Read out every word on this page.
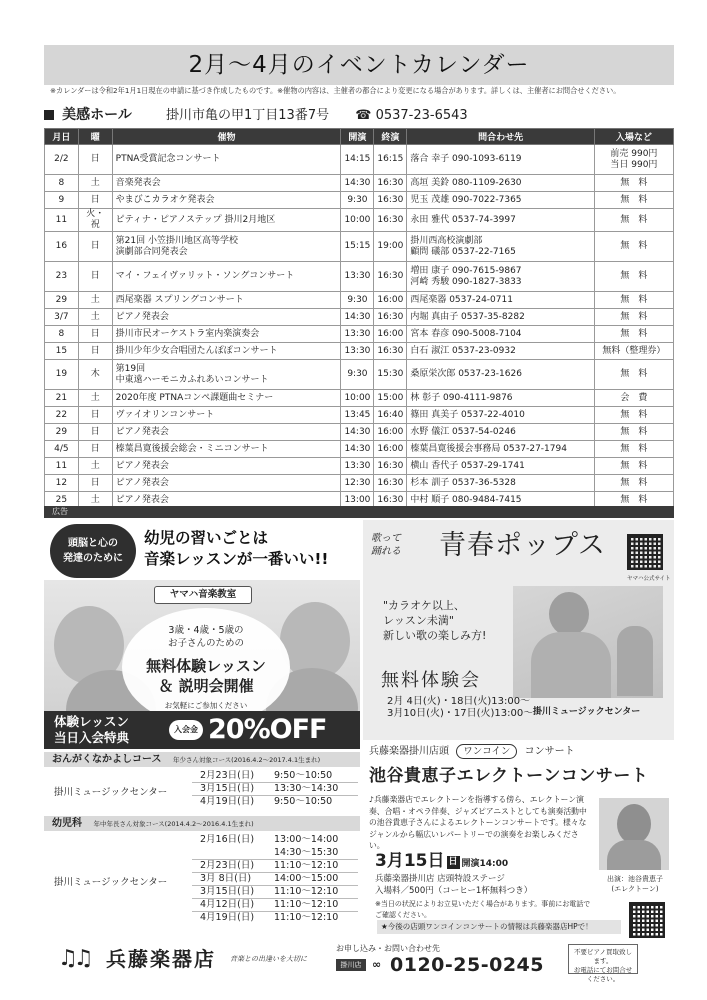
2月～4月のイベントカレンダー
※カレンダーは令和2年1月1日現在の申請に基づき作成したものです。※催物の内容は、主催者の都合により変更になる場合があります。詳しくは、主催者にお問合せください。
美感ホール	掛川市亀の甲1丁目13番7号 ☎ 0537-23-6543
月日	曜	催物	開演	終演	問合わせ先	入場など

2/2	日	PTNA受賞記念コンサート	14:15	16:15	落合 幸子 090-1093-6119	前売 990円
当日 990円

8	土	音楽発表会	14:30	16:30	高垣 美鈴 080-1109-2630	無　料

9	日	やまびこカラオケ発表会	9:30	16:30	児玉 茂雄 090-7022-7365	無　料

11	火・祝	ピティナ・ピアノステップ 掛川2月地区	10:00	16:30	永田 雅代 0537-74-3997	無　料

16	日	第21回 小笠掛川地区高等学校
演劇部合同発表会	15:15	19:00	掛川西高校演劇部
顧問 礒部 0537-22-7165	無　料

23	日	マイ・フェイヴァリット・ソングコンサート	13:30	16:30	増田 康子 090-7615-9867
河崎 秀駿 090-1827-3833	無　料

29	土	西尾楽器 スプリングコンサート	9:30	16:00	西尾楽器 0537-24-0711	無　料

3/7	土	ピアノ発表会	14:30	16:30	内堀 真由子 0537-35-8282	無　料

8	日	掛川市民オーケストラ室内楽演奏会	13:30	16:00	宮本 春彦 090-5008-7104	無　料

15	日	掛川少年少女合唱団たんぽぽコンサート	13:30	16:30	白石 淑江 0537-23-0932	無料（整理券）

19	木	第19回
中東遠ハーモニカふれあいコンサート	9:30	15:30	桑原栄次郎 0537-23-1626	無　料

21	土	2020年度 PTNAコンペ課題曲セミナー	10:00	15:00	林 彰子 090-4111-9876	会　費

22	日	ヴァイオリンコンサート	13:45	16:40	篠田 真美子 0537-22-4010	無　料

29	日	ピアノ発表会	14:30	16:00	水野 儀江 0537-54-0246	無　料

4/5	日	榛葉昌寛後援会総会・ミニコンサート	14:30	16:00	榛葉昌寛後援会事務局 0537-27-1794	無　料

11	土	ピアノ発表会	13:30	16:30	横山 香代子 0537-29-1741	無　料

12	日	ピアノ発表会	12:30	16:30	杉本 訓子 0537-36-5328	無　料

25	土	ピアノ発表会	13:00	16:30	中村 順子 080-9484-7415	無　料
広告
頭脳と心の
発達のために
幼児の習いごとは
音楽レッスンが一番いい!!
ヤマハ音楽教室
3歳・4歳・5歳の
お子さんのための
無料体験レッスン
＆ 説明会開催
お気軽にご参加ください
体験レッスン
当日入会特典
入会金 20%OFF
おんがくなかよしコース 年少さん対象コース(2016.4.2～2017.4.1生まれ)
掛川ミュージックセンター
2月23日(日) 9:50～10:50
3月15日(日) 13:30～14:30
4月19日(日) 9:50～10:50
幼児科 年中年長さん対象コース(2014.4.2～2016.4.1生まれ)
掛川ミュージックセンター
2月16日(日) 13:00～14:00
14:30～15:30
2月23日(日) 11:10～12:10
3月 8日(日) 14:00～15:00
3月15日(日) 11:10～12:10
4月12日(日) 11:10～12:10
4月19日(日) 11:10～12:10
♫♫ 兵藤楽器店 音楽との出逢いを大切に
歌って
踊れる 青春ポップス
ヤマハ公式サイト
"カラオケ以上、
レッスン未満"
新しい歌の楽しみ方!
無料体験会
2月 4日(火)・18日(火)13:00～
3月10日(火)・17日(火)13:00～ 掛川ミュージックセンター
兵藤楽器掛川店頭 ワンコイン コンサート
池谷貴恵子エレクトーンコンサート
♪兵藤楽器店でエレクトーンを指導する傍ら、エレクトーン演奏、合唱・オペラ伴奏、ジャズピアニストとしても演奏活動中の池谷貴恵子さんによるエレクトーンコンサートです。様々なジャンルから幅広いレパートリーでの演奏をお楽しみください。
出演：池谷貴恵子
(エレクトーン)
3月15日 日 開演14:00
兵藤楽器掛川店 店頭特設ステージ
入場料／500円（コーヒー1杯無料つき）
※当日の状況によりお立見いただく場合があります。事前にお電話でご確認ください。
★今後の店頭ワンコインコンサートの情報は兵藤楽器店HPで！
お申し込み・お問い合わせ先
掛川店 ∞ 0120-25-0245
不要ピアノ買取致します。
お電話にてお問合せください。
